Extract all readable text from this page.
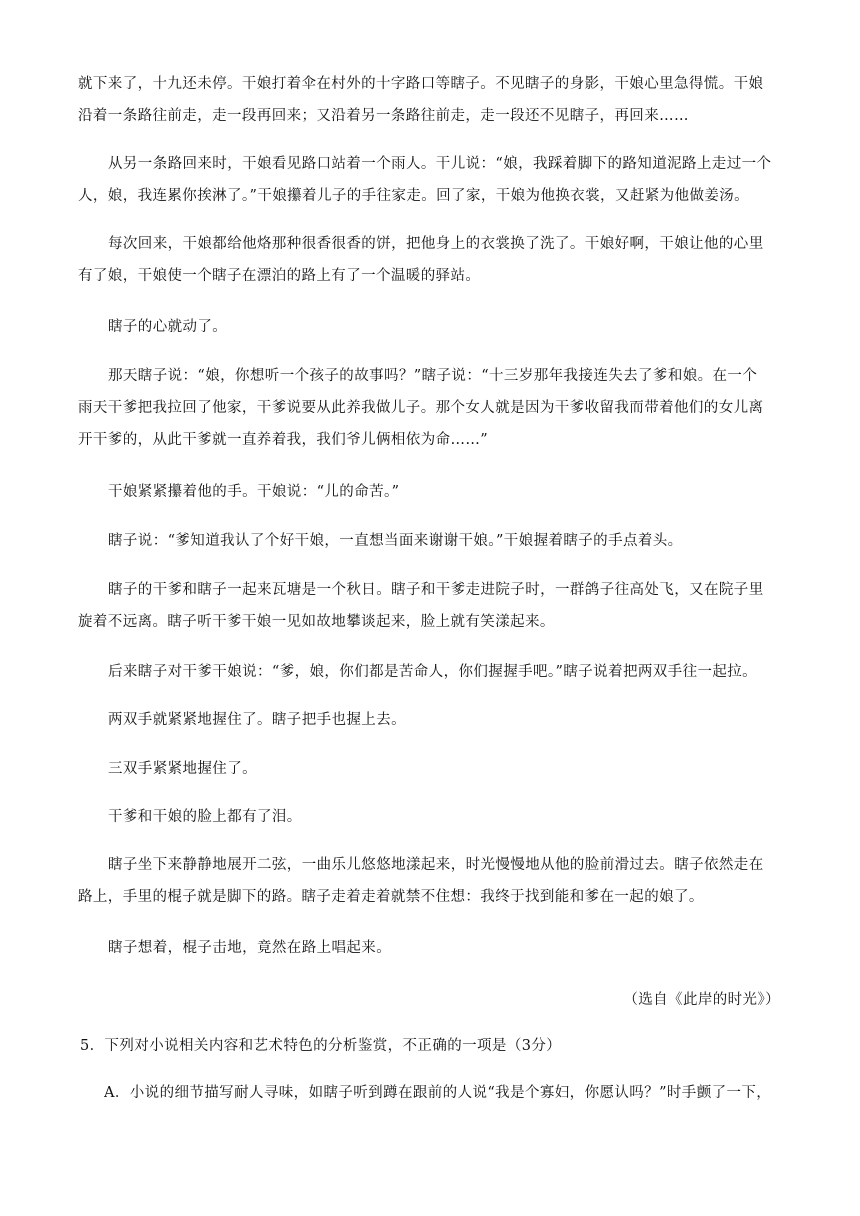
就下来了，十九还未停。干娘打着伞在村外的十字路口等瞎子。不见瞎子的身影，干娘心里急得慌。干娘
沿着一条路往前走，走一段再回来；又沿着另一条路往前走，走一段还不见瞎子，再回来……

从另一条路回来时，干娘看见路口站着一个雨人。干儿说：“娘，我踩着脚下的路知道泥路上走过一个
人，娘，我连累你挨淋了。”干娘攥着儿子的手往家走。回了家，干娘为他换衣裳，又赶紧为他做姜汤。

每次回来，干娘都给他烙那种很香很香的饼，把他身上的衣裳换了洗了。干娘好啊，干娘让他的心里
有了娘，干娘使一个瞎子在漂泊的路上有了一个温暖的驿站。

瞎子的心就动了。

那天瞎子说：“娘，你想听一个孩子的故事吗？”瞎子说：“十三岁那年我接连失去了爹和娘。在一个
雨天干爹把我拉回了他家，干爹说要从此养我做儿子。那个女人就是因为干爹收留我而带着他们的女儿离
开干爹的，从此干爹就一直养着我，我们爷儿俩相依为命……”

干娘紧紧攥着他的手。干娘说：“儿的命苦。”

瞎子说：“爹知道我认了个好干娘，一直想当面来谢谢干娘。”干娘握着瞎子的手点着头。

瞎子的干爹和瞎子一起来瓦塘是一个秋日。瞎子和干爹走进院子时，一群鸽子往高处飞，又在院子里
旋着不远离。瞎子听干爹干娘一见如故地攀谈起来，脸上就有笑漾起来。

后来瞎子对干爹干娘说：“爹，娘，你们都是苦命人，你们握握手吧。”瞎子说着把两双手往一起拉。

两双手就紧紧地握住了。瞎子把手也握上去。

三双手紧紧地握住了。

干爹和干娘的脸上都有了泪。

瞎子坐下来静静地展开二弦，一曲乐儿悠悠地漾起来，时光慢慢地从他的脸前滑过去。瞎子依然走在
路上，手里的棍子就是脚下的路。瞎子走着走着就禁不住想：我终于找到能和爹在一起的娘了。

瞎子想着，棍子击地，竟然在路上唱起来。

（选自《此岸的时光》）
5．下列对小说相关内容和艺术特色的分析鉴赏，不正确的一项是（3分）
A．小说的细节描写耐人寻味，如瞎子听到蹲在跟前的人说“我是个寡妇，你愿认吗？”时手颤了一下，
